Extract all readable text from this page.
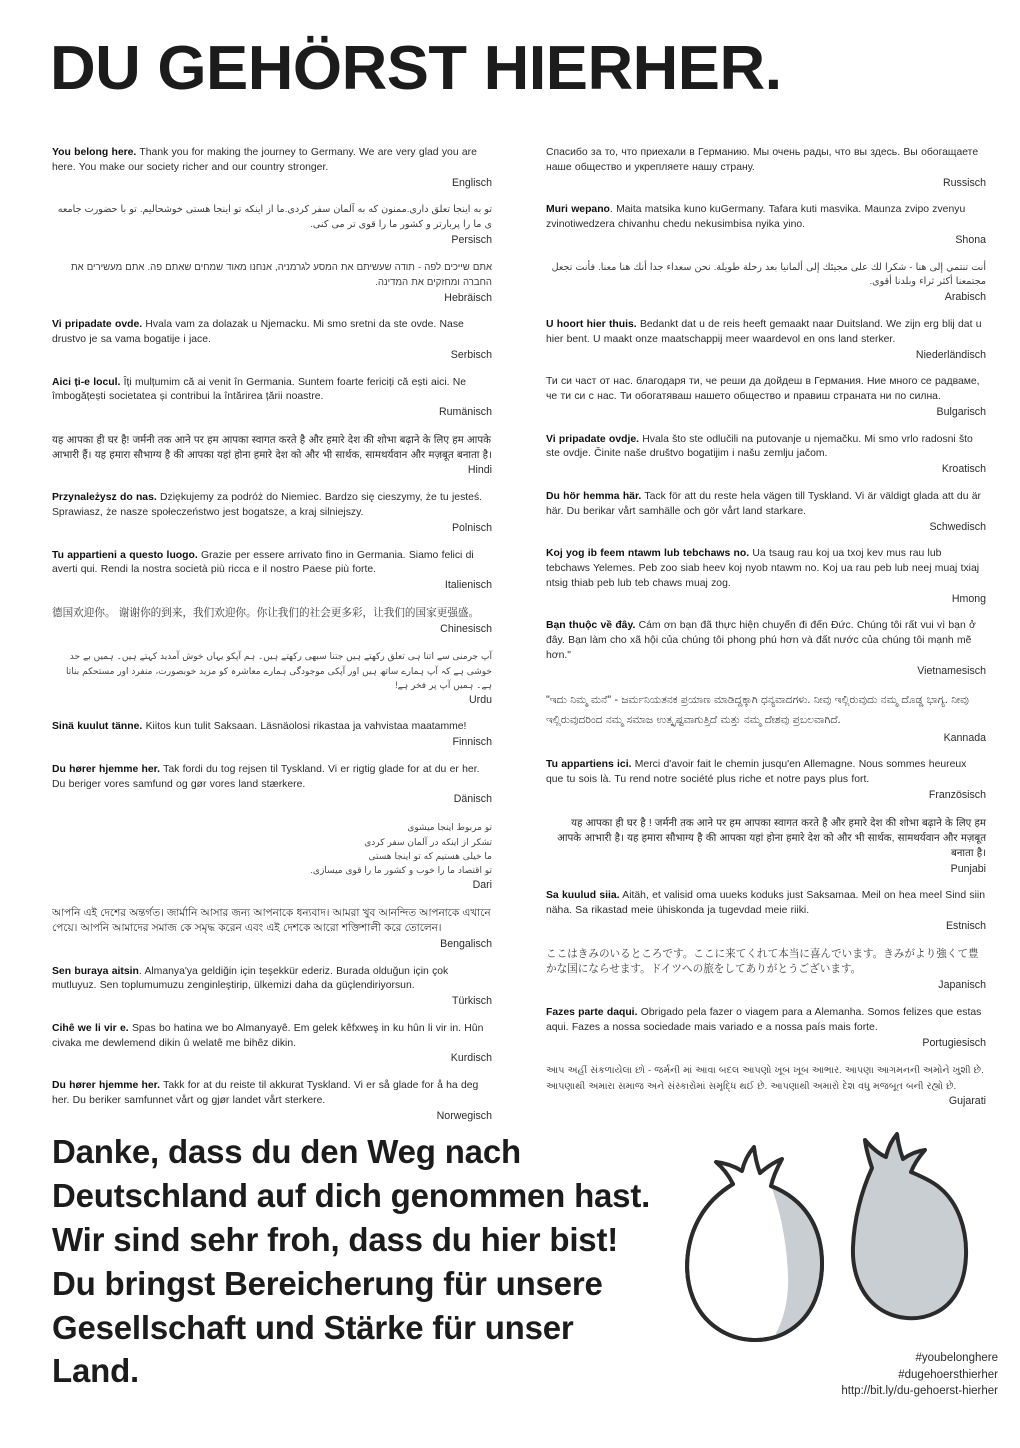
DU GEHÖRST HIERHER.
You belong here. Thank you for making the journey to Germany. We are very glad you are here. You make our society richer and our country stronger.
Englisch
تو به اینجا تعلق داری.ممنون که به آلمان سفر کردی.ما از اینکه تو اینجا هستی خوشحالیم. تو با حضورت جامعه ی ما را پربارتر و کشور ما را قوی تر می کنی.
Persisch
אתם שייכים לפה - תודה שעשיתם את המסע לגרמניה, אנחנו מאוד שמחים שאתם פה. אתם מעשירים את החברה ומחזקים את המדינה.
Hebräisch
Vi pripadate ovde. Hvala vam za dolazak u Njemacku. Mi smo sretni da ste ovde. Nase drustvo je sa vama bogatije i jace.
Serbisch
Aici ți-e locul. Îți mulțumim că ai venit în Germania. Suntem foarte fericiți că ești aici. Ne îmbogățești societatea și contribui la întărirea țării noastre.
Rumänisch
यह आपका ही घर है! जर्मनी तक आने पर हम आपका स्वागत करते है और हमारे देश की शोभा बढ़ाने के लिए हम आपके आभारी हैं। यह हमारा सौभाग्य है की आपका यहां होना हमारे देश को और भी सार्थक, सामथर्यवान और मज़बूत बनाता है।
Hindi
Przynależysz do nas. Dziękujemy za podróż do Niemiec. Bardzo się cieszymy, że tu jesteś. Sprawiasz, że nasze społeczeństwo jest bogatsze, a kraj silniejszy.
Polnisch
Tu appartieni a questo luogo. Grazie per essere arrivato fino in Germania. Siamo felici di averti qui. Rendi la nostra società più ricca e il nostro Paese più forte.
Italienisch
德国欢迎你。 谢谢你的到来，我们欢迎你。你让我们的社会更多彩，让我们的国家更强盛。
Chinesisch
آپ جرمنی سے اتنا ہی تعلق رکھتے ہیں جتنا سبھی رکھتے ہیں۔ ہم آپکو یہاں خوش آمدید کہتے ہیں۔ ہمیں بے حد خوشی ہے کہ آپ ہمارے ساتھ ہیں اور آپکی موجودگی ہمارے معاشرہ کو مزید خوبصورت، منفرد اور مستحکم بناتا ہے۔ ہمیں آپ پر فخر ہے!
Urdu
Sinä kuulut tänne. Kiitos kun tulit Saksaan. Läsnäolosi rikastaa ja vahvistaa maatamme!
Finnisch
Du hører hjemme her. Tak fordi du tog rejsen til Tyskland. Vi er rigtig glade for at du er her. Du beriger vores samfund og gør vores land stærkere.
Dänisch
تو مربوط اینجا میشوی
تشکر از اینکه در آلمان سفر کردی
ما خیلی هستیم که تو اینجا هستی
تو اقتصاد ما را خوب و کشور ما را قوی میسازی.
Dari
আপনি এই দেশের অন্তর্গত। জার্মানি আসার জন্য আপনাকে ধন্যবাদ। আমরা খুব আনন্দিত আপনাকে এখানে পেয়ে। আপনি আমাদের সমাজ কে সমৃদ্ধ করেন এবং এই দেশকে আরো শক্তিশালী করে তোলেন।
Bengalisch
Sen buraya aitsin. Almanya'ya geldiğin için teşekkür ederiz. Burada olduğun için çok mutluyuz. Sen toplumumuzu zenginleştirip, ülkemizi daha da güçlendiriyorsun.
Türkisch
Cihê we li vir e. Spas bo hatina we bo Almanyayê. Em gelek kêfxweş in ku hûn li vir in. Hûn civaka me dewlemend dikin û welatê me bihêz dikin.
Kurdisch
Du hører hjemme her. Takk for at du reiste til akkurat Tyskland. Vi er så glade for å ha deg her. Du beriker samfunnet vårt og gjør landet vårt sterkere.
Norwegisch
Спасибо за то, что приехали в Германию. Мы очень рады, что вы здесь. Вы обогащаете наше общество и укрепляете нашу страну.
Russisch
Muri wepano. Maita matsika kuno kuGermany. Tafara kuti masvika. Maunza zvipo zvenyu zvinotiwedzera chivanhu chedu nekusimbisa nyika yino.
Shona
أنت تنتمي إلى هنا - شكرا لك على مجيئك إلى ألمانيا بعد رحلة طويلة. نحن سعداء جدا أنك هنا معنا. فأنت تجعل مجتمعنا أكثر ثراء وبلدنا أقوى.
Arabisch
U hoort hier thuis. Bedankt dat u de reis heeft gemaakt naar Duitsland. We zijn erg blij dat u hier bent. U maakt onze maatschappij meer waardevol en ons land sterker.
Niederländisch
Ти си част от нас. благодаря ти, че реши да дойдеш в Германия. Ние много се радваме, че ти си с нас. Ти обогатяваш нашето общество и правиш страната ни по силна.
Bulgarisch
Vi pripadate ovdje. Hvala što ste odlučili na putovanje u njemačku. Mi smo vrlo radosni što ste ovdje. Činite naše društvo bogatijim i našu zemlju jačom.
Kroatisch
Du hör hemma här. Tack för att du reste hela vägen till Tyskland. Vi är väldigt glada att du är här. Du berikar vårt samhälle och gör vårt land starkare.
Schwedisch
Koj yog ib feem ntawm lub tebchaws no. Ua tsaug rau koj ua txoj kev mus rau lub tebchaws Yelemes. Peb zoo siab heev koj nyob ntawm no. Koj ua rau peb lub neej muaj txiaj ntsig thiab peb lub teb chaws muaj zog.
Hmong
Bạn thuộc về đây. Cám ơn bạn đã thực hiện chuyến đi đến Đức. Chúng tôi rất vui vì bạn ở đây. Bạn làm cho xã hội của chúng tôi phong phú hơn và đất nước của chúng tôi mạnh mẽ hơn."
Vietnamesisch
"ಇದು ನಿಮ್ಮ ಮನೆ" - ಜರ್ಮನಿಯತನಕ ಪ್ರಯಾಣ ಮಾಡಿದ್ದಕ್ಕಾಗಿ ಧನ್ಯವಾದಗಳು. ನೀವು ಇಲ್ಲಿರುವುದು ನಮ್ಮ ದೊಡ್ಡ ಭಾಗ್ಯ. ನೀವು ಇಲ್ಲಿರುವುದರಿಂದ ನಮ್ಮ ಸಮಾಜ ಉತ್ಕೃಷ್ಟವಾಗುತ್ತಿದೆ ಮತ್ತು ನಮ್ಮ ದೇಶವು ಪ್ರಬಲವಾಗಿದೆ.
Kannada
Tu appartiens ici. Merci d'avoir fait le chemin jusqu'en Allemagne. Nous sommes heureux que tu sois là. Tu rend notre société plus riche et notre pays plus fort.
Französisch
यह आपका ही घर है ! जर्मनी तक आने पर हम आपका स्वागत करते है और हमारे देश की शोभा बढ़ाने के लिए हम आपके आभारी है। यह हमारा सौभाग्य है की आपका यहां होना हमारे देश को और भी सार्थक, सामथर्यवान और मज़बूत बनाता है।
Punjabi
Sa kuulud siia. Aitäh, et valisid oma uueks koduks just Saksamaa. Meil on hea meel Sind siin näha. Sa rikastad meie ühiskonda ja tugevdad meie riiki.
Estnisch
ここはきみのいるところです。ここに来てくれて本当に喜んでいます。きみがより強くて豊かな国にならせます。ドイツへの旅をしてありがとうございます。
Japanisch
Fazes parte daqui. Obrigado pela fazer o viagem para a Alemanha. Somos felizes que estas aqui. Fazes a nossa sociedade mais variado e a nossa país mais forte.
Portugiesisch
આપ અહીં સંકળાયેલા છો - જર્મની માં આવા બદલ આપણો ખૂબ ખૂબ આભાર. આપણા આગમનની અમોને ખુશી છે. આપણાથી અમારા સમાજ અને સંસ્કારોમાં સમૃદ્ધિ થઈ છે. આપણાથી અમારો દેશ વધુ મજબૂત બની રહ્યો છે.
Gujarati
Danke, dass du den Weg nach Deutschland auf dich genommen hast. Wir sind sehr froh, dass du hier bist! Du bringst Bereicherung für unsere Gesellschaft und Stärke für unser Land.	#youbelonghere
#dugehoersthierher
http://bit.ly/du-gehoerst-hierher
